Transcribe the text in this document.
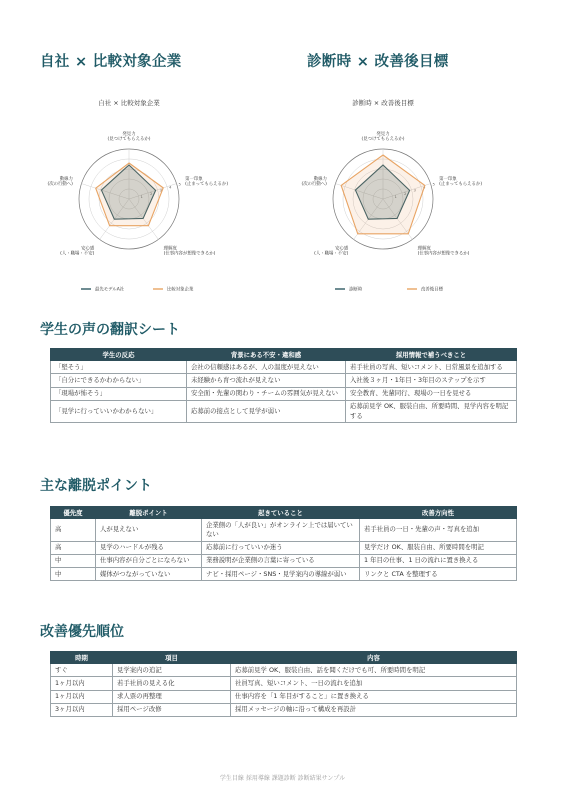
自社 × 比較対象企業	診断時 × 改善後目標
自社 × 比較対象企業
1
2
3
4
5
発見力(見つけてもらえるか)
第一印象(止まってもらえるか)
理解度(仕事内容が想像できるか)
安心感(人・職場・不安)
動線力(次の行動へ)
最先モデルA社	比較対象企業
診断時 × 改善後目標
1
2
3
4
5
発見力(見つけてもらえるか)
第一印象(止まってもらえるか)
理解度(仕事内容が想像できるか)
安心感(人・職場・不安)
動線力(次の行動へ)
診断時	改善後目標
学生の声の翻訳シート
学生の反応	背景にある不安・違和感	採用情報で補うべきこと
「堅そう」	会社の信頼感はあるが、人の温度が見えない	若手社員の写真、短いコメント、日常風景を追加する
「自分にできるかわからない」	未経験から育つ流れが見えない	入社後３ヶ月・1年目・3年目のステップを示す
「現場が怖そう」	安全面・先輩の関わり・チームの雰囲気が見えない	安全教育、先輩同行、現場の一日を見せる
「見学に行っていいかわからない」	応募前の接点として見学が弱い	応募前見学 OK、服装自由、所要時間、見学内容を明記する
主な離脱ポイント
優先度	離脱ポイント	起きていること	改善方向性
高	人が見えない	企業側の「人が良い」がオンライン上では届いていない	若手社員の一日・先輩の声・写真を追加
高	見学のハードルが残る	応募前に行っていいか迷う	見学だけ OK、服装自由、所要時間を明記
中	仕事内容が自分ごとにならない	業務説明が企業側の言葉に寄っている	1 年目の仕事、1 日の流れに置き換える
中	媒体がつながっていない	ナビ・採用ページ・SNS・見学案内の導線が弱い	リンクと CTA を整理する
改善優先順位
時期	項目	内容
すぐ	見学案内の追記	応募前見学 OK、服装自由、話を聞くだけでも可、所要時間を明記
1ヶ月以内	若手社員の見える化	社員写真、短いコメント、一日の流れを追加
1ヶ月以内	求人票の再整理	仕事内容を「1 年目がすること」に置き換える
3ヶ月以内	採用ページ改修	採用メッセージの軸に沿って構成を再設計
学生目線 採用導線 課題診断 診断結果サンプル
